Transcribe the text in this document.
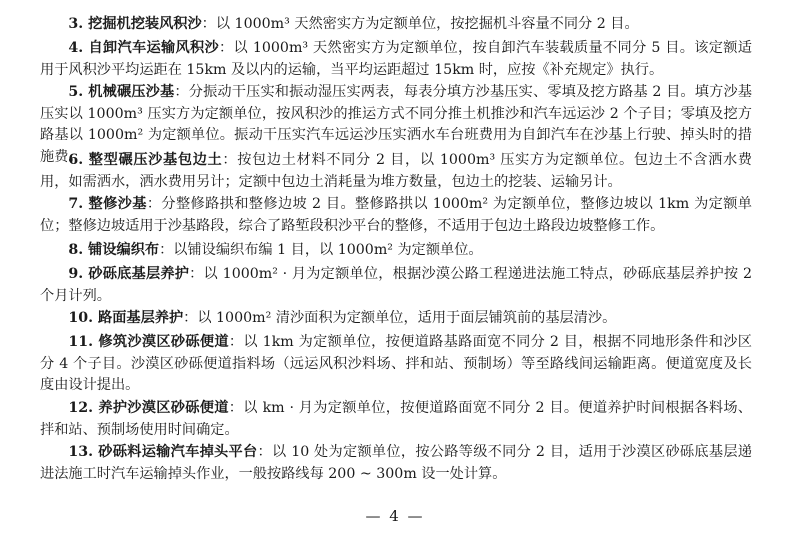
3. 挖掘机挖装风积沙：以 1000m³ 天然密实方为定额单位，按挖掘机斗容量不同分 2 目。

4. 自卸汽车运输风积沙：以 1000m³ 天然密实方为定额单位，按自卸汽车装载质量不同分 5 目。该定额适用于风积沙平均运距在 15km 及以内的运输，当平均运距超过 15km 时，应按《补充规定》执行。

5. 机械碾压沙基：分振动干压实和振动湿压实两表，每表分填方沙基压实、零填及挖方路基 2 目。填方沙基压实以 1000m³ 压实方为定额单位，按风积沙的推运方式不同分推土机推沙和汽车远运沙 2 个子目；零填及挖方路基以 1000m² 为定额单位。振动干压实汽车远运沙压实洒水车台班费用为自卸汽车在沙基上行驶、掉头时的措施费。

6. 整型碾压沙基包边土：按包边土材料不同分 2 目，以 1000m³ 压实方为定额单位。包边土不含洒水费用，如需洒水，洒水费用另计；定额中包边土消耗量为堆方数量，包边土的挖装、运输另计。

7. 整修沙基：分整修路拱和整修边坡 2 目。整修路拱以 1000m² 为定额单位，整修边坡以 1km 为定额单位；整修边坡适用于沙基路段，综合了路堑段积沙平台的整修，不适用于包边土路段边坡整修工作。

8. 铺设编织布：以铺设编织布编 1 目，以 1000m² 为定额单位。

9. 砂砾底基层养护：以 1000m² · 月为定额单位，根据沙漠公路工程递进法施工特点，砂砾底基层养护按 2 个月计列。

10. 路面基层养护：以 1000m² 清沙面积为定额单位，适用于面层铺筑前的基层清沙。

11. 修筑沙漠区砂砾便道：以 1km 为定额单位，按便道路基路面宽不同分 2 目，根据不同地形条件和沙区分 4 个子目。沙漠区砂砾便道指料场（远运风积沙料场、拌和站、预制场）等至路线间运输距离。便道宽度及长度由设计提出。

12. 养护沙漠区砂砾便道：以 km · 月为定额单位，按便道路面宽不同分 2 目。便道养护时间根据各料场、拌和站、预制场使用时间确定。

13. 砂砾料运输汽车掉头平台：以 10 处为定额单位，按公路等级不同分 2 目，适用于沙漠区砂砾底基层递进法施工时汽车运输掉头作业，一般按路线每 200 ~ 300m 设一处计算。

— 4 —
